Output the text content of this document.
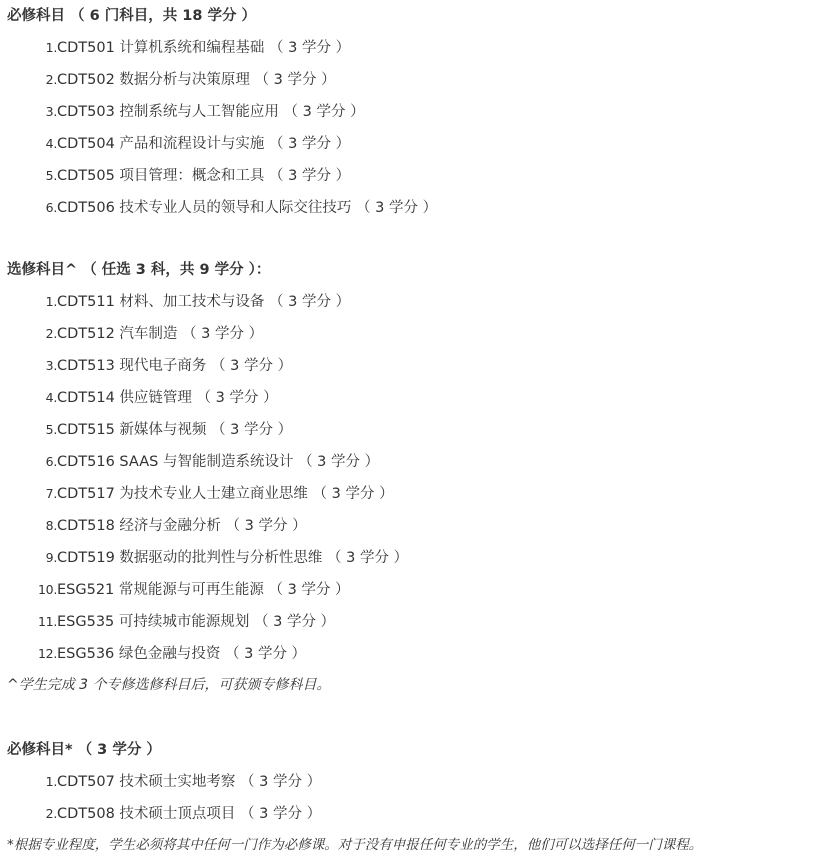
必修科目 （ 6 门科目，共 18 学分 ）
1. CDT501 计算机系统和编程基础 （ 3 学分 ）
2. CDT502 数据分析与决策原理 （ 3 学分 ）
3. CDT503 控制系统与人工智能应用 （ 3 学分 ）
4. CDT504 产品和流程设计与实施 （ 3 学分 ）
5. CDT505 项目管理：概念和工具 （ 3 学分 ）
6. CDT506 技术专业人员的领导和人际交往技巧 （ 3 学分 ）
选修科目^ （ 任选 3 科，共 9 学分 ）：
1. CDT511 材料、加工技术与设备 （ 3 学分 ）
2. CDT512 汽车制造 （ 3 学分 ）
3. CDT513 现代电子商务 （ 3 学分 ）
4. CDT514 供应链管理 （ 3 学分 ）
5. CDT515 新媒体与视频 （ 3 学分 ）
6. CDT516 SAAS 与智能制造系统设计 （ 3 学分 ）
7. CDT517 为技术专业人士建立商业思维 （ 3 学分 ）
8. CDT518 经济与金融分析 （ 3 学分 ）
9. CDT519 数据驱动的批判性与分析性思维 （ 3 学分 ）
10. ESG521 常规能源与可再生能源 （ 3 学分 ）
11. ESG535 可持续城市能源规划 （ 3 学分 ）
12. ESG536 绿色金融与投资 （ 3 学分 ）
^学生完成 3 个专修选修科目后，可获颁专修科目。
必修科目* （ 3 学分 ）
1. CDT507 技术硕士实地考察 （ 3 学分 ）
2. CDT508 技术硕士顶点项目 （ 3 学分 ）
*根据专业程度，学生必须将其中任何一门作为必修课。对于没有申报任何专业的学生，他们可以选择任何一门课程。
